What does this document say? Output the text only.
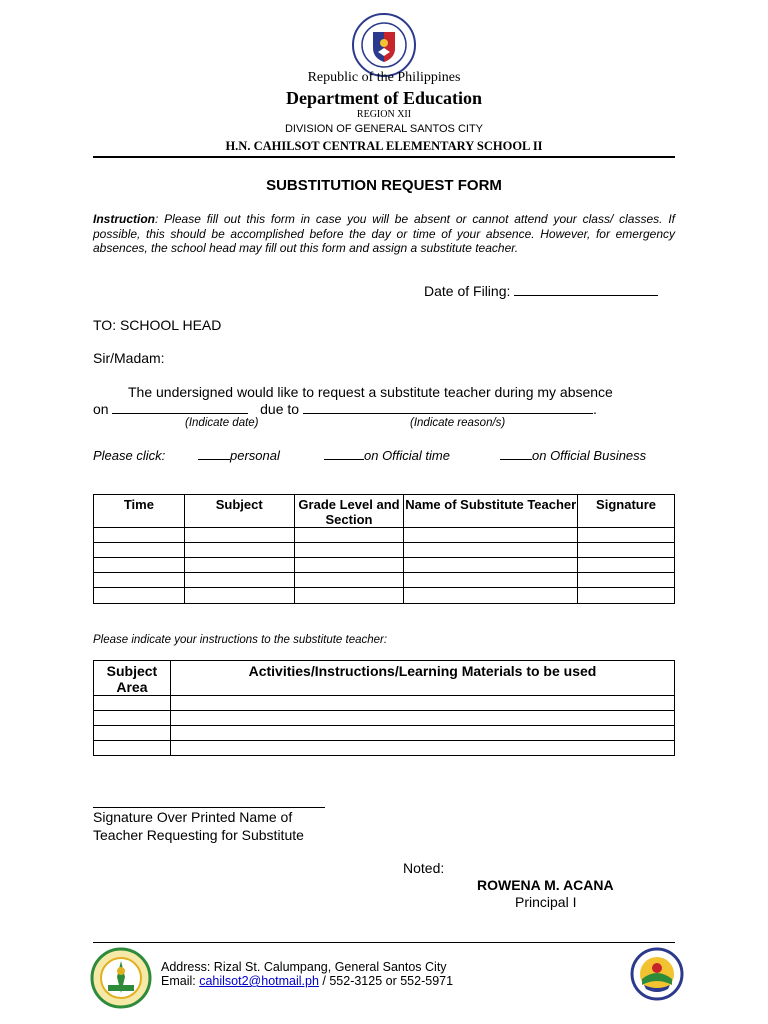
Republic of the Philippines
Department of Education
REGION XII
DIVISION OF GENERAL SANTOS CITY
H.N. CAHILSOT CENTRAL ELEMENTARY SCHOOL II
SUBSTITUTION REQUEST FORM
Instruction: Please fill out this form in case you will be absent or cannot attend your class/ classes. If possible, this should be accomplished before the day or time of your absence. However, for emergency absences, the school head may fill out this form and assign a substitute teacher.
Date of Filing:
TO: SCHOOL HEAD
Sir/Madam:
The undersigned would like to request a substitute teacher during my absence
on	due to	.
(Indicate date)	(Indicate reason/s)
Please click:	personal	on Official time	on Official Business
Time	Subject	Grade Level and Section	Name of Substitute Teacher	Signature

Please indicate your instructions to the substitute teacher:
Subject Area	Activities/Instructions/Learning Materials to be used

Signature Over Printed Name of
Teacher Requesting for Substitute
Noted:
ROWENA M. ACANA
Principal I
Address: Rizal St. Calumpang, General Santos City
Email: cahilsot2@hotmail.ph / 552-3125 or 552-5971
